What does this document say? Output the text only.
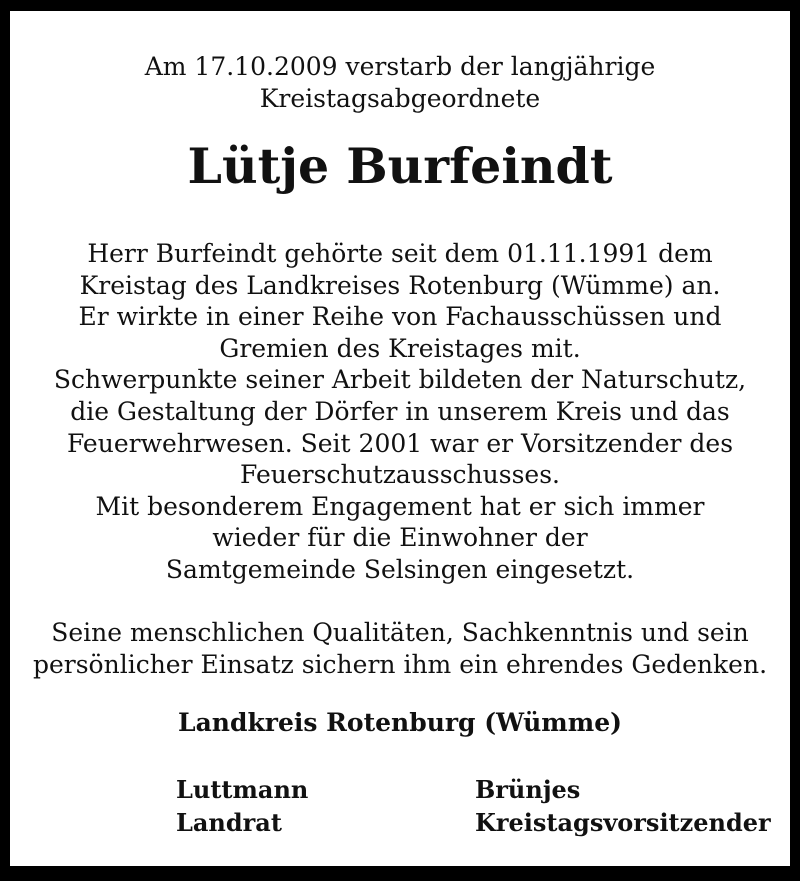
Am 17.10.2009 verstarb der langjährige
Kreistagsabgeordnete
Lütje Burfeindt
Herr Burfeindt gehörte seit dem 01.11.1991 dem
Kreistag des Landkreises Rotenburg (Wümme) an.
Er wirkte in einer Reihe von Fachausschüssen und
Gremien des Kreistages mit.
Schwerpunkte seiner Arbeit bildeten der Naturschutz,
die Gestaltung der Dörfer in unserem Kreis und das
Feuerwehrwesen. Seit 2001 war er Vorsitzender des
Feuerschutzausschusses.
Mit besonderem Engagement hat er sich immer
wieder für die Einwohner der
Samtgemeinde Selsingen eingesetzt.
Seine menschlichen Qualitäten, Sachkenntnis und sein
persönlicher Einsatz sichern ihm ein ehrendes Gedenken.
Landkreis Rotenburg (Wümme)
Luttmann
Landrat
Brünjes
Kreistagsvorsitzender
